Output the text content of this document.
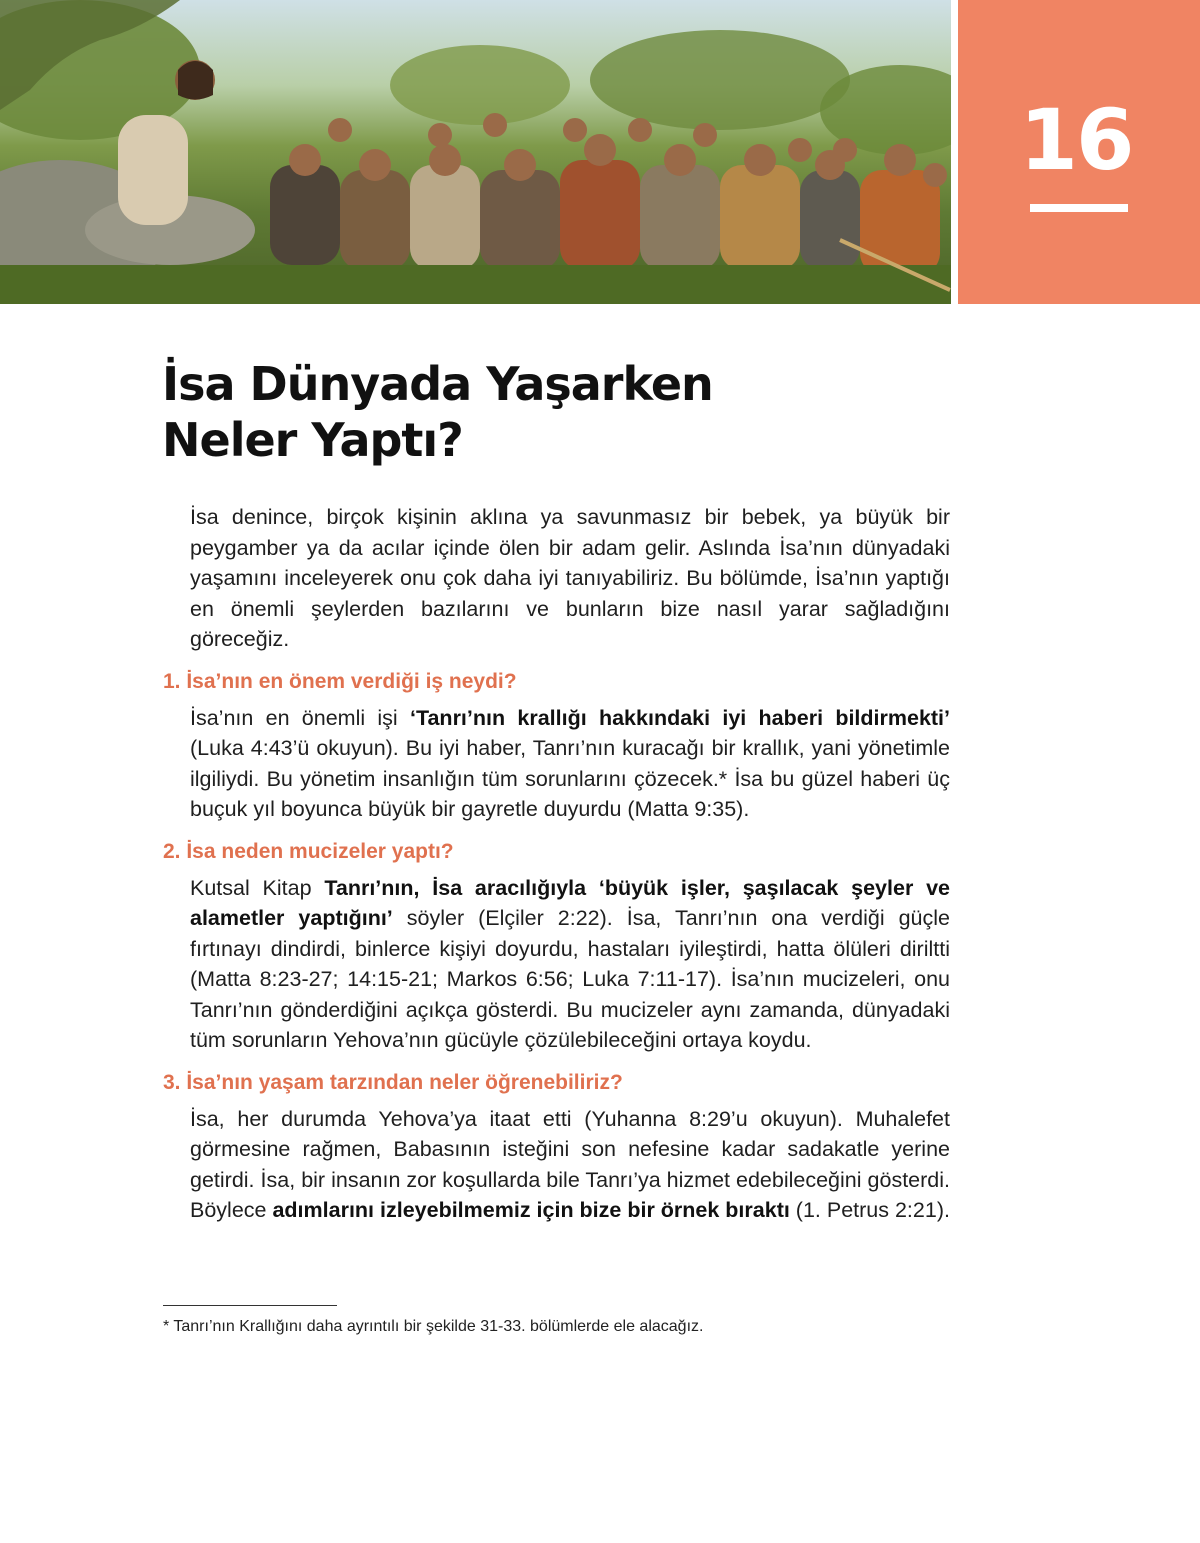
16
İsa Dünyada Yaşarken
Neler Yaptı?

İsa denince, birçok kişinin aklına ya savunmasız bir bebek, ya büyük bir peygamber ya da acılar içinde ölen bir adam gelir. Aslında İsa’nın dünyadaki yaşamını inceleyerek onu çok daha iyi tanıyabiliriz. Bu bölümde, İsa’nın yaptığı en önemli şeylerden bazılarını ve bunların bize nasıl yarar sağladığını göreceğiz.

1. İsa’nın en önem verdiği iş neydi?

İsa’nın en önemli işi ‘Tanrı’nın krallığı hakkındaki iyi haberi bildirmekti’ (Luka 4:43’ü okuyun). Bu iyi haber, Tanrı’nın kuracağı bir krallık, yani yönetimle ilgiliydi. Bu yönetim insanlığın tüm sorunlarını çözecek.* İsa bu güzel haberi üç buçuk yıl boyunca büyük bir gayretle duyurdu (Matta 9:35).

2. İsa neden mucizeler yaptı?

Kutsal Kitap Tanrı’nın, İsa aracılığıyla ‘büyük işler, şaşılacak şeyler ve alametler yaptığını’ söyler (Elçiler 2:22). İsa, Tanrı’nın ona verdiği güçle fırtınayı dindirdi, binlerce kişiyi doyurdu, hastaları iyileştirdi, hatta ölüleri diriltti (Matta 8:23-27; 14:15-21; Markos 6:56; Luka 7:11-17). İsa’nın mucizeleri, onu Tanrı’nın gönderdiğini açıkça gösterdi. Bu mucizeler aynı zamanda, dünyadaki tüm sorunların Yehova’nın gücüyle çözülebileceğini ortaya koydu.

3. İsa’nın yaşam tarzından neler öğrenebiliriz?

İsa, her durumda Yehova’ya itaat etti (Yuhanna 8:29’u okuyun). Muhalefet görmesine rağmen, Babasının isteğini son nefesine kadar sadakatle yerine getirdi. İsa, bir insanın zor koşullarda bile Tanrı’ya hizmet edebileceğini gösterdi. Böylece adımlarını izleyebilmemiz için bize bir örnek bıraktı (1. Petrus 2:21).

* Tanrı’nın Krallığını daha ayrıntılı bir şekilde 31-33. bölümlerde ele alacağız.
